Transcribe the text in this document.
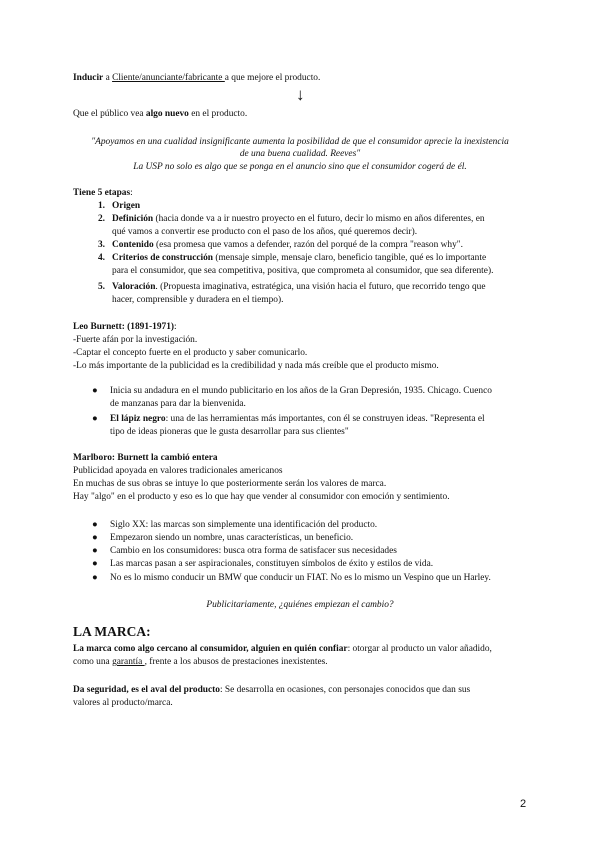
Inducir a Cliente/anunciante/fabricante a que mejore el producto.
↓
Que el público vea algo nuevo en el producto.
"Apoyamos en una cualidad insignificante aumenta la posibilidad de que el consumidor aprecie la inexistencia
de una buena cualidad. Reeves"
La USP no solo es algo que se ponga en el anuncio sino que el consumidor cogerá de él.
Tiene 5 etapas:
1. Origen
2. Definición (hacia donde va a ir nuestro proyecto en el futuro, decir lo mismo en años diferentes, en
qué vamos a convertir ese producto con el paso de los años, qué queremos decir).
3. Contenido (esa promesa que vamos a defender, razón del porqué de la compra "reason why".
4. Criterios de construcción (mensaje simple, mensaje claro, beneficio tangible, qué es lo importante
para el consumidor, que sea competitiva, positiva, que comprometa al consumidor, que sea diferente).
5. Valoración. (Propuesta imaginativa, estratégica, una visión hacia el futuro, que recorrido tengo que
hacer, comprensible y duradera en el tiempo).
Leo Burnett: (1891-1971):
-Fuerte afán por la investigación.
-Captar el concepto fuerte en el producto y saber comunicarlo.
-Lo más importante de la publicidad es la credibilidad y nada más creíble que el producto mismo.
● Inicia su andadura en el mundo publicitario en los años de la Gran Depresión, 1935. Chicago. Cuenco
de manzanas para dar la bienvenida.
● El lápiz negro: una de las herramientas más importantes, con él se construyen ideas. "Representa el
tipo de ideas pioneras que le gusta desarrollar para sus clientes"
Marlboro: Burnett la cambió entera
Publicidad apoyada en valores tradicionales americanos
En muchas de sus obras se intuye lo que posteriormente serán los valores de marca.
Hay "algo" en el producto y eso es lo que hay que vender al consumidor con emoción y sentimiento.
● Siglo XX: las marcas son simplemente una identificación del producto.
● Empezaron siendo un nombre, unas características, un beneficio.
● Cambio en los consumidores: busca otra forma de satisfacer sus necesidades
● Las marcas pasan a ser aspiracionales, constituyen símbolos de éxito y estilos de vida.
● No es lo mismo conducir un BMW que conducir un FIAT. No es lo mismo un Vespino que un Harley.
Publicitariamente, ¿quiénes empiezan el cambio?
LA MARCA:
La marca como algo cercano al consumidor, alguien en quién confiar: otorgar al producto un valor añadido,
como una garantía , frente a los abusos de prestaciones inexistentes.
Da seguridad, es el aval del producto: Se desarrolla en ocasiones, con personajes conocidos que dan sus
valores al producto/marca.
2
